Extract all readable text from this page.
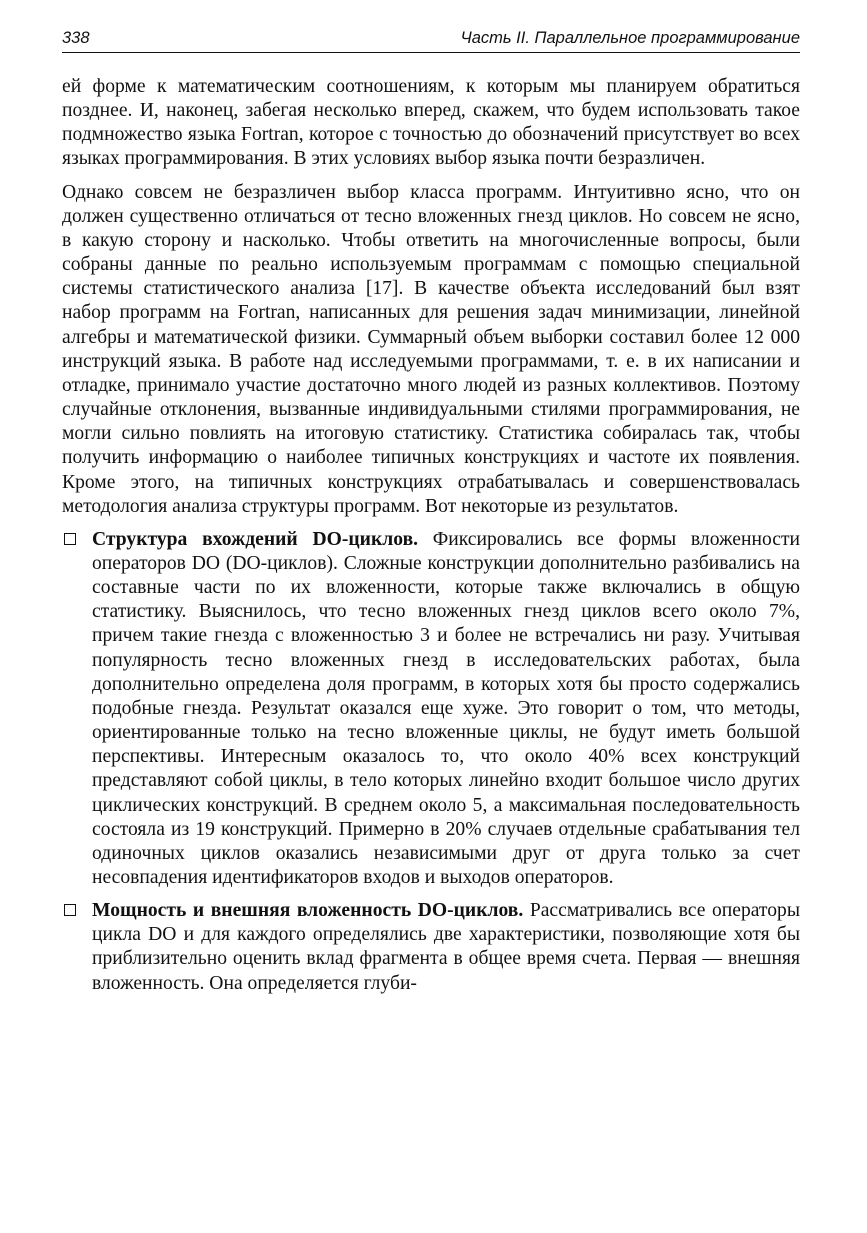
338	Часть II. Параллельное программирование

ей форме к математическим соотношениям, к которым мы планируем обратиться позднее. И, наконец, забегая несколько вперед, скажем, что будем использовать такое подмножество языка Fortran, которое с точностью до обозначений присутствует во всех языках программирования. В этих условиях выбор языка почти безразличен.

Однако совсем не безразличен выбор класса программ. Интуитивно ясно, что он должен существенно отличаться от тесно вложенных гнезд циклов. Но совсем не ясно, в какую сторону и насколько. Чтобы ответить на многочисленные вопросы, были собраны данные по реально используемым программам с помощью специальной системы статистического анализа [17]. В качестве объекта исследований был взят набор программ на Fortran, написанных для решения задач минимизации, линейной алгебры и математической физики. Суммарный объем выборки составил более 12 000 инструкций языка. В работе над исследуемыми программами, т. е. в их написании и отладке, принимало участие достаточно много людей из разных коллективов. Поэтому случайные отклонения, вызванные индивидуальными стилями программирования, не могли сильно повлиять на итоговую статистику. Статистика собиралась так, чтобы получить информацию о наиболее типичных конструкциях и частоте их появления. Кроме этого, на типичных конструкциях отрабатывалась и совершенствовалась методология анализа структуры программ. Вот некоторые из результатов.

Структура вхождений DO-циклов. Фиксировались все формы вложенности операторов DO (DO-циклов). Сложные конструкции дополнительно разбивались на составные части по их вложенности, которые также включались в общую статистику. Выяснилось, что тесно вложенных гнезд циклов всего около 7%, причем такие гнезда с вложенностью 3 и более не встречались ни разу. Учитывая популярность тесно вложенных гнезд в исследовательских работах, была дополнительно определена доля программ, в которых хотя бы просто содержались подобные гнезда. Результат оказался еще хуже. Это говорит о том, что методы, ориентированные только на тесно вложенные циклы, не будут иметь большой перспективы. Интересным оказалось то, что около 40% всех конструкций представляют собой циклы, в тело которых линейно входит большое число других циклических конструкций. В среднем около 5, а максимальная последовательность состояла из 19 конструкций. Примерно в 20% случаев отдельные срабатывания тел одиночных циклов оказались независимыми друг от друга только за счет несовпадения идентификаторов входов и выходов операторов.
Мощность и внешняя вложенность DO-циклов. Рассматривались все операторы цикла DO и для каждого определялись две характеристики, позволяющие хотя бы приблизительно оценить вклад фрагмента в общее время счета. Первая — внешняя вложенность. Она определяется глуби-
